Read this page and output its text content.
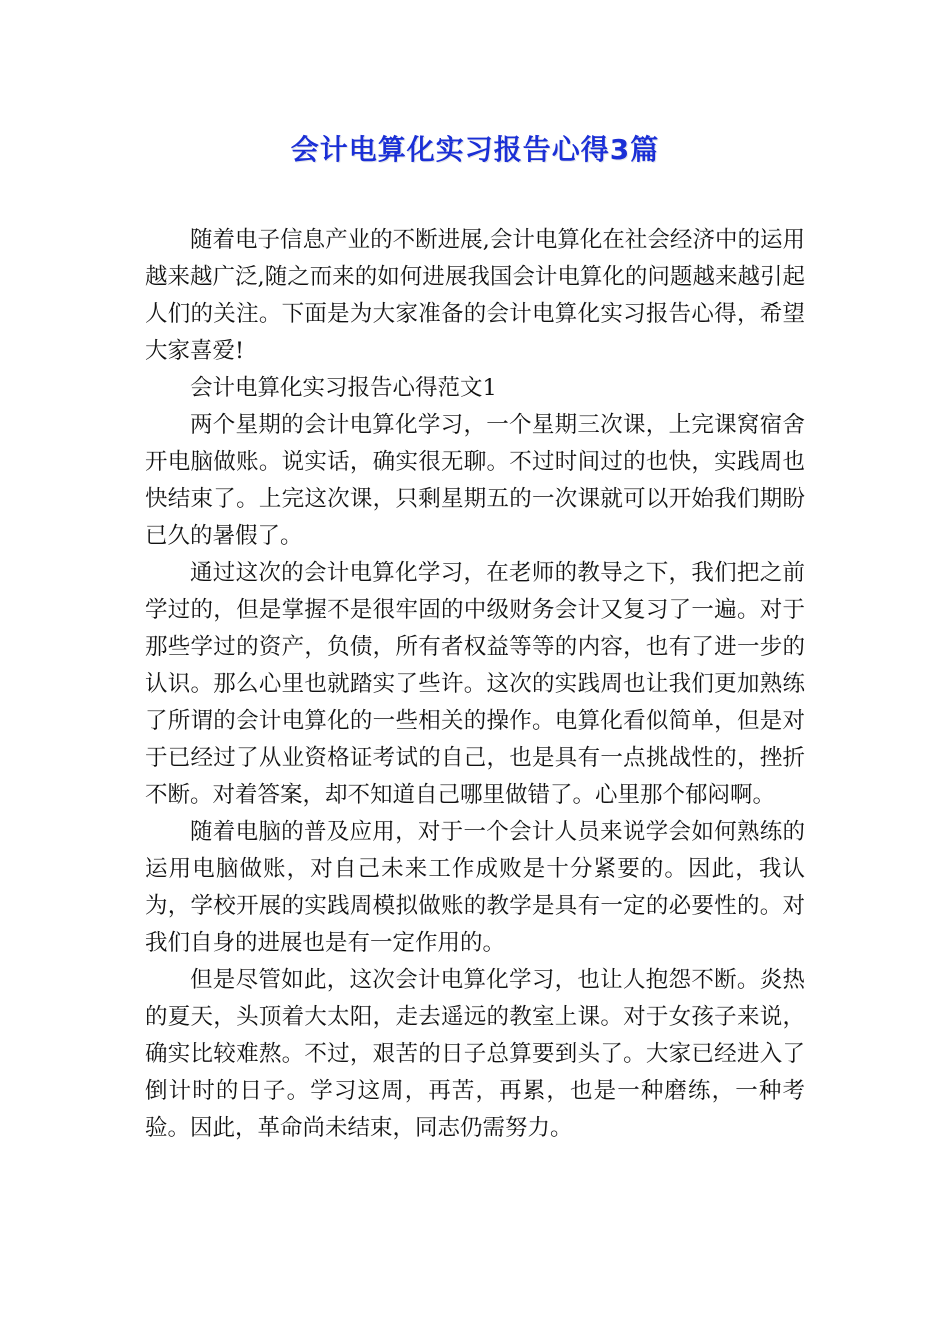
会计电算化实习报告心得3篇

随着电子信息产业的不断进展,会计电算化在社会经济中的运用越来越广泛,随之而来的如何进展我国会计电算化的问题越来越引起人们的关注。下面是为大家准备的会计电算化实习报告心得，希望大家喜爱!

会计电算化实习报告心得范文1

两个星期的会计电算化学习，一个星期三次课，上完课窝宿舍开电脑做账。说实话，确实很无聊。不过时间过的也快，实践周也快结束了。上完这次课，只剩星期五的一次课就可以开始我们期盼已久的暑假了。

通过这次的会计电算化学习，在老师的教导之下，我们把之前学过的，但是掌握不是很牢固的中级财务会计又复习了一遍。对于那些学过的资产，负债，所有者权益等等的内容，也有了进一步的认识。那么心里也就踏实了些许。这次的实践周也让我们更加熟练了所谓的会计电算化的一些相关的操作。电算化看似简单，但是对于已经过了从业资格证考试的自己，也是具有一点挑战性的，挫折不断。对着答案，却不知道自己哪里做错了。心里那个郁闷啊。

随着电脑的普及应用，对于一个会计人员来说学会如何熟练的运用电脑做账，对自己未来工作成败是十分紧要的。因此，我认为，学校开展的实践周模拟做账的教学是具有一定的必要性的。对我们自身的进展也是有一定作用的。

但是尽管如此，这次会计电算化学习，也让人抱怨不断。炎热的夏天，头顶着大太阳，走去遥远的教室上课。对于女孩子来说，确实比较难熬。不过，艰苦的日子总算要到头了。大家已经进入了倒计时的日子。学习这周，再苦，再累，也是一种磨练，一种考验。因此，革命尚未结束，同志仍需努力。
